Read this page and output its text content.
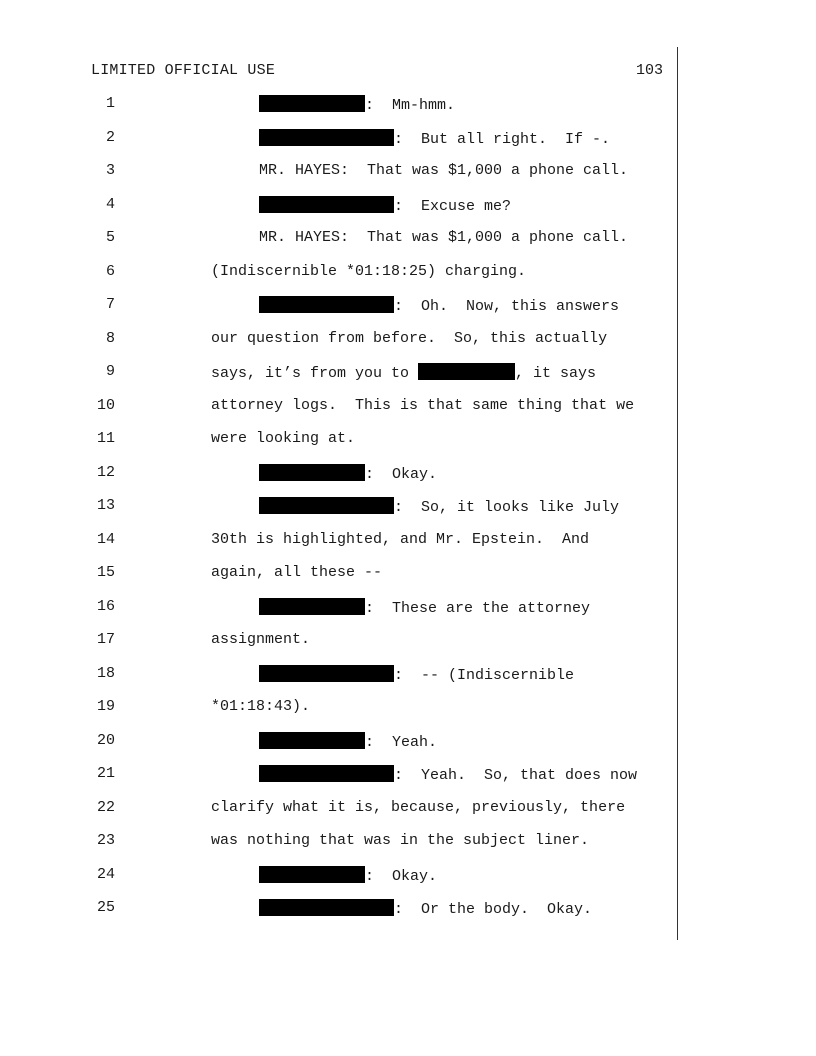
LIMITED OFFICIAL USE	103
1	:  Mm-hmm.
2	:  But all right.  If -.
3	MR. HAYES:  That was $1,000 a phone call.
4	:  Excuse me?
5	MR. HAYES:  That was $1,000 a phone call.
6	(Indiscernible *01:18:25) charging.
7	:  Oh.  Now, this answers
8	our question from before.  So, this actually
9	says, it’s from you to	, it says
10	attorney logs.  This is that same thing that we
11	were looking at.
12	:  Okay.
13	:  So, it looks like July
14	30th is highlighted, and Mr. Epstein.  And
15	again, all these --
16	:  These are the attorney
17	assignment.
18	:  -- (Indiscernible
19	*01:18:43).
20	:  Yeah.
21	:  Yeah.  So, that does now
22	clarify what it is, because, previously, there
23	was nothing that was in the subject liner.
24	:  Okay.
25	:  Or the body.  Okay.
